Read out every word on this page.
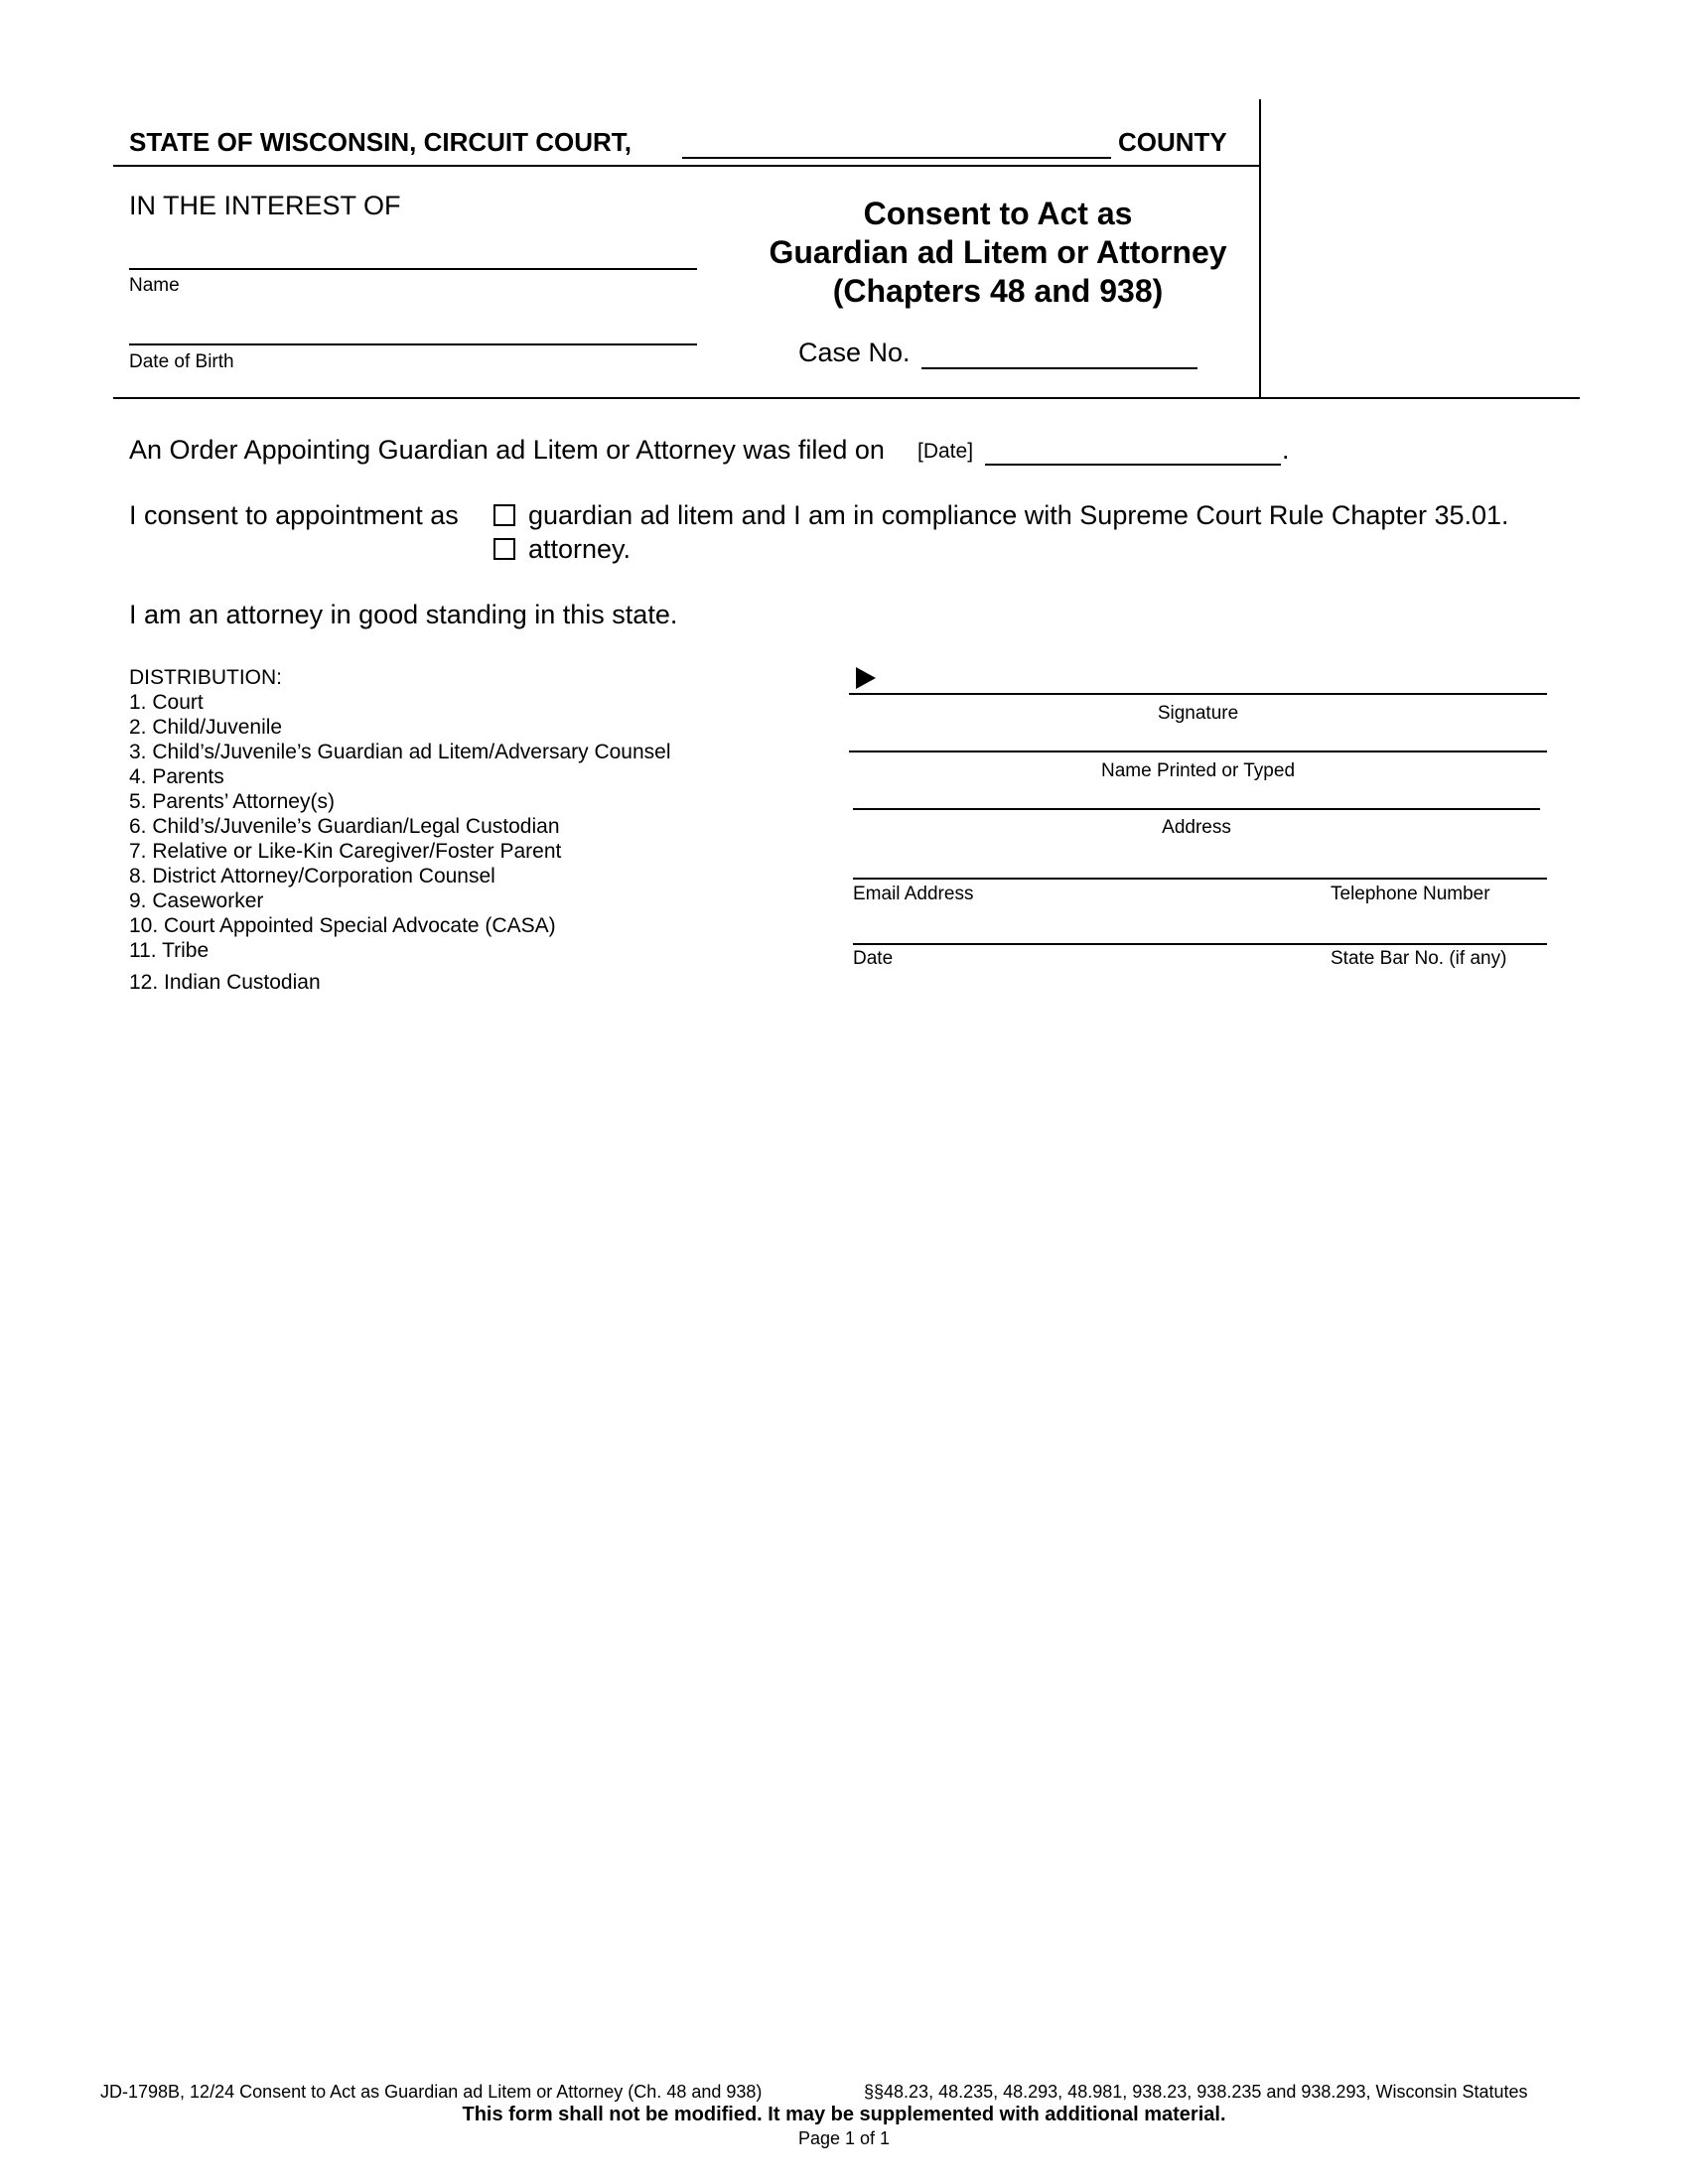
STATE OF WISCONSIN, CIRCUIT COURT,	COUNTY
IN THE INTEREST OF
Name
Date of Birth
Consent to Act as
Guardian ad Litem or Attorney
(Chapters 48 and 938)
Case No.
An Order Appointing Guardian ad Litem or Attorney was filed on [Date]	.
I consent to appointment as	guardian ad litem and I am in compliance with Supreme Court Rule Chapter 35.01.
attorney.
I am an attorney in good standing in this state.
DISTRIBUTION:
1. Court
2. Child/Juvenile
3. Child’s/Juvenile’s Guardian ad Litem/Adversary Counsel
4. Parents
5. Parents’ Attorney(s)
6. Child’s/Juvenile’s Guardian/Legal Custodian
7. Relative or Like-Kin Caregiver/Foster Parent
8. District Attorney/Corporation Counsel
9. Caseworker
10. Court Appointed Special Advocate (CASA)
11. Tribe
12. Indian Custodian
Signature
Name Printed or Typed
Address
Email Address	Telephone Number
Date	State Bar No. (if any)
JD-1798B, 12/24 Consent to Act as Guardian ad Litem or Attorney (Ch. 48 and 938)	§§48.23, 48.235, 48.293, 48.981, 938.23, 938.235 and 938.293, Wisconsin Statutes
This form shall not be modified. It may be supplemented with additional material.
Page 1 of 1
